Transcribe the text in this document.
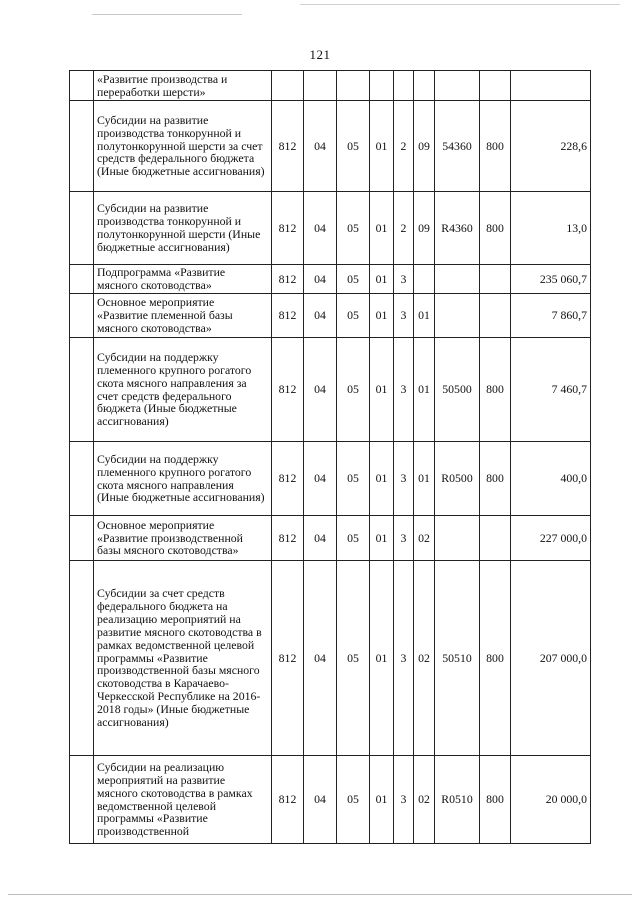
121
	«Развитие производства и переработки шерсти»									
	Субсидии на развитие производства тонкорунной и полутонкорунной шерсти за счет средств федерального бюджета (Иные бюджетные ассигнования)	812	04	05	01	2	09	54360	800	228,6
	Субсидии на развитие производства тонкорунной и полутонкорунной шерсти (Иные бюджетные ассигнования)	812	04	05	01	2	09	R4360	800	13,0
	Подпрограмма «Развитие мясного скотоводства»	812	04	05	01	3				235 060,7
	Основное мероприятие «Развитие племенной базы мясного скотоводства»	812	04	05	01	3	01			7 860,7
	Субсидии на поддержку племенного крупного рогатого скота мясного направления за счет средств федерального бюджета (Иные бюджетные ассигнования)	812	04	05	01	3	01	50500	800	7 460,7
	Субсидии на поддержку племенного крупного рогатого скота мясного направления (Иные бюджетные ассигнования)	812	04	05	01	3	01	R0500	800	400,0
	Основное мероприятие «Развитие производственной базы мясного скотоводства»	812	04	05	01	3	02			227 000,0
	Субсидии за счет средств федерального бюджета на реализацию мероприятий на развитие мясного скотоводства в рамках ведомственной целевой программы «Развитие производственной базы мясного скотоводства в Карачаево-Черкесской Республике на 2016-2018 годы» (Иные бюджетные ассигнования)	812	04	05	01	3	02	50510	800	207 000,0
	Субсидии на реализацию мероприятий на развитие мясного скотоводства в рамках ведомственной целевой программы «Развитие производственной	812	04	05	01	3	02	R0510	800	20 000,0
